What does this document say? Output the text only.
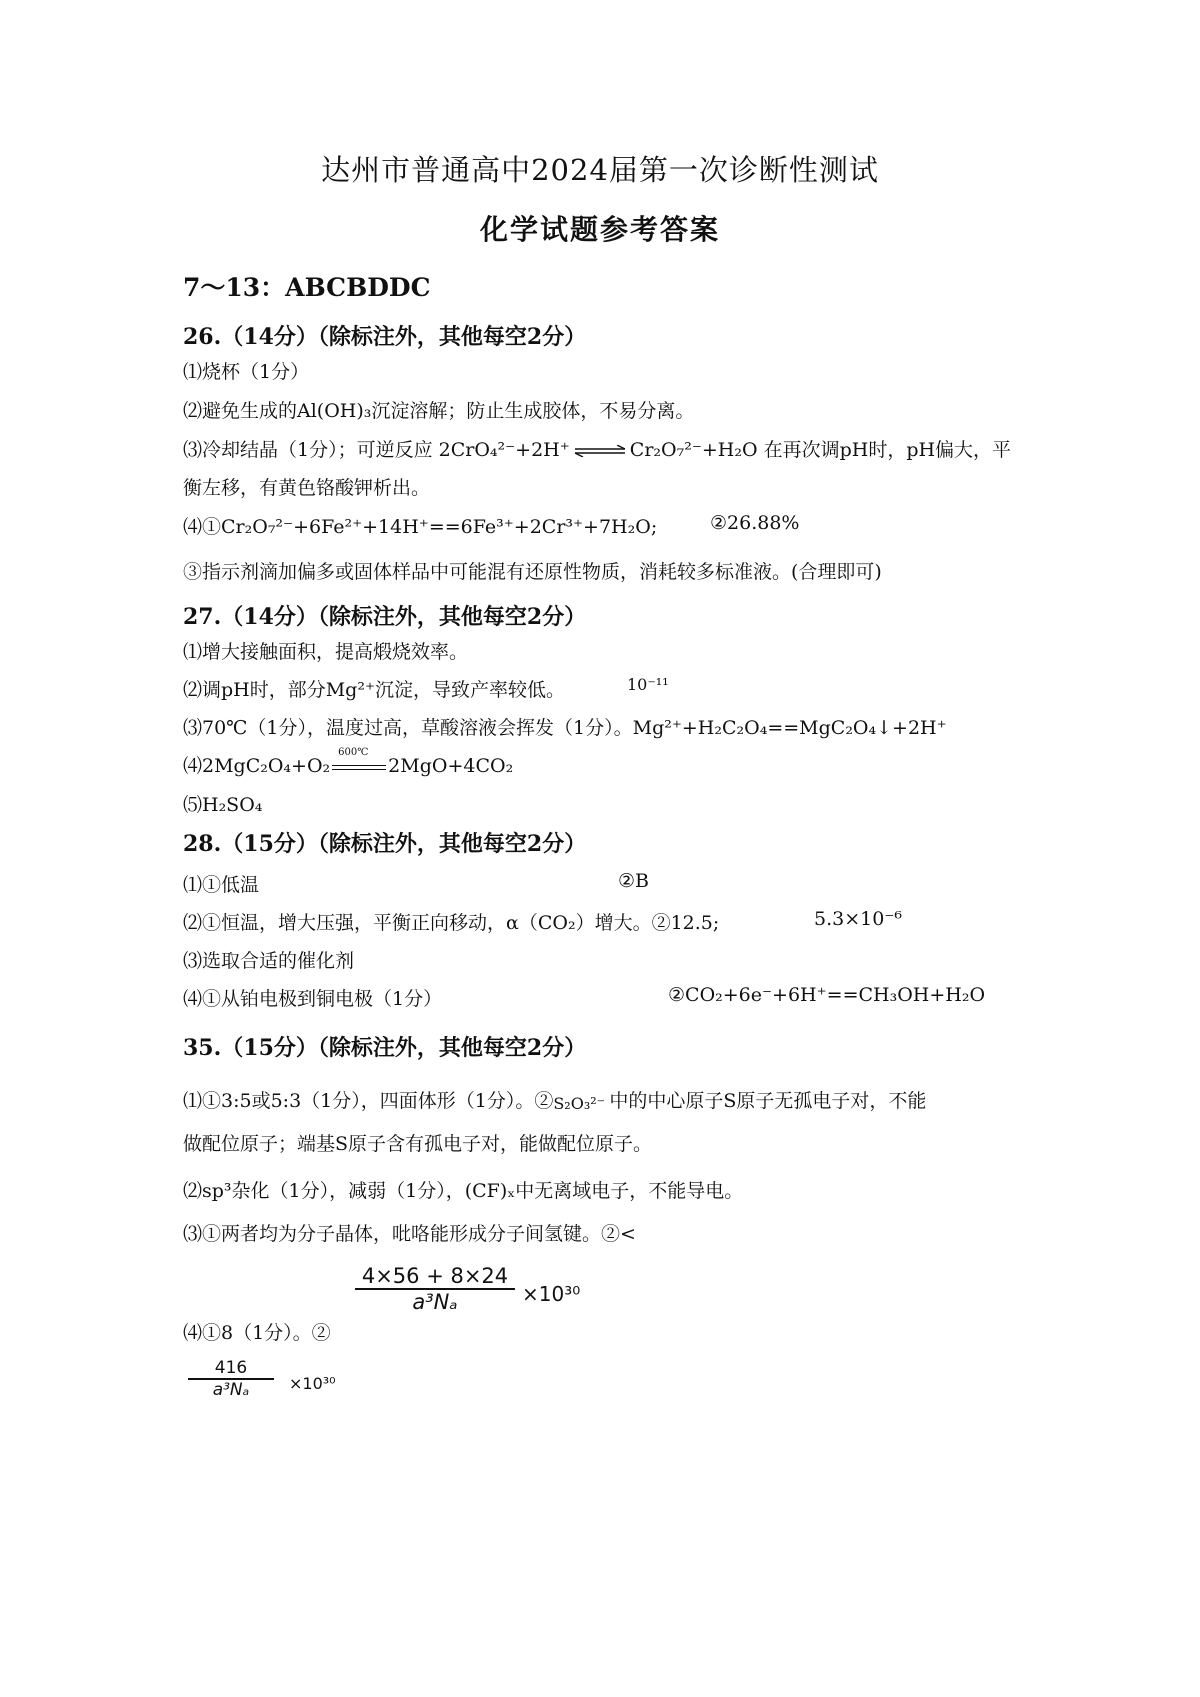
达州市普通高中2024届第一次诊断性测试
化学试题参考答案
7～13：ABCBDDC
26.（14分）（除标注外，其他每空2分）
⑴烧杯（1分）
⑵避免生成的Al(OH)₃沉淀溶解；防止生成胶体，不易分离。
⑶冷却结晶（1分）；可逆反应 2CrO₄²⁻+2H⁺ ⇌ Cr₂O₇²⁻+H₂O 在再次调pH时，pH偏大，平
衡左移，有黄色铬酸钾析出。
⑷①Cr₂O₇²⁻+6Fe²⁺+14H⁺==6Fe³⁺+2Cr³⁺+7H₂O;	②26.88%
③指示剂滴加偏多或固体样品中可能混有还原性物质，消耗较多标准液。(合理即可)
27.（14分）（除标注外，其他每空2分）
⑴增大接触面积，提高煅烧效率。
⑵调pH时，部分Mg²⁺沉淀，导致产率较低。	10⁻¹¹
⑶70℃（1分），温度过高，草酸溶液会挥发（1分）。Mg²⁺+H₂C₂O₄==MgC₂O₄↓+2H⁺
⑷2MgC₂O₄+O₂
600℃
2MgO+4CO₂
⑸H₂SO₄
28.（15分）（除标注外，其他每空2分）
⑴①低温	②B
⑵①恒温，增大压强，平衡正向移动，α（CO₂）增大。②12.5;	5.3×10⁻⁶
⑶选取合适的催化剂
⑷①从铂电极到铜电极（1分）	②CO₂+6e⁻+6H⁺==CH₃OH+H₂O
35.（15分）（除标注外，其他每空2分）
⑴①3:5或5:3（1分），四面体形（1分）。②S₂O₃²⁻ 中的中心原子S原子无孤电子对，不能
做配位原子；端基S原子含有孤电子对，能做配位原子。
⑵sp³杂化（1分），减弱（1分），(CF)ₓ中无离域电子，不能导电。
⑶①两者均为分子晶体，吡咯能形成分子间氢键。②<
4×56 + 8×24
a³Nₐ	×10³⁰
⑷①8（1分）。②
416
a³Nₐ	×10³⁰
